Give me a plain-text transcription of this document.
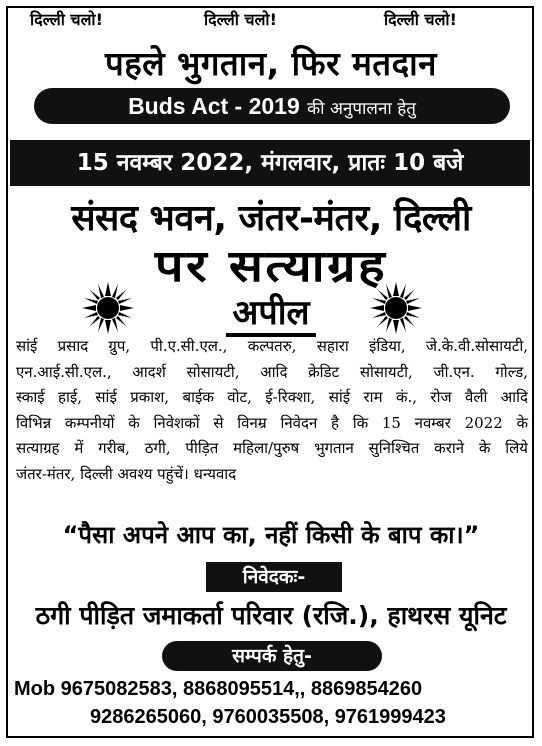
दिल्ली चलो!	दिल्ली चलो!	दिल्ली चलो!
पहले भुगतान, फिर मतदान
Buds Act - 2019 की अनुपालना हेतु
15 नवम्बर 2022, मंगलवार, प्रातः 10 बजे
संसद भवन, जंतर-मंतर, दिल्ली
पर सत्याग्रह
अपील
सांई प्रसाद ग्रुप, पी.ए.सी.एल., कल्पतरु, सहारा इंडिया, जे.के.वी.सोसायटी,
एन.आई.सी.एल., आदर्श सोसायटी, आदि क्रेडिट सोसायटी, जी.एन. गोल्ड,
स्काई हाई, सांई प्रकाश, बाईक वोट, ई-रिक्शा, सांई राम कं., रोज वैली आदि
विभिन्न कम्पनीयों के निवेशकों से विनम्र निवेदन है कि 15 नवम्बर 2022 के
सत्याग्रह में गरीब, ठगी, पीड़ित महिला/पुरुष भुगतान सुनिश्चित कराने के लिये
जंतर-मंतर, दिल्ली अवश्य पहुंचें। धन्यवाद
“पैसा अपने आप का, नहीं किसी के बाप का।”
निवेदकः-
ठगी पीड़ित जमाकर्ता परिवार (रजि.), हाथरस यूनिट
सम्पर्क हेतु-
Mob 9675082583, 8868095514,, 8869854260
9286265060, 9760035508, 9761999423
